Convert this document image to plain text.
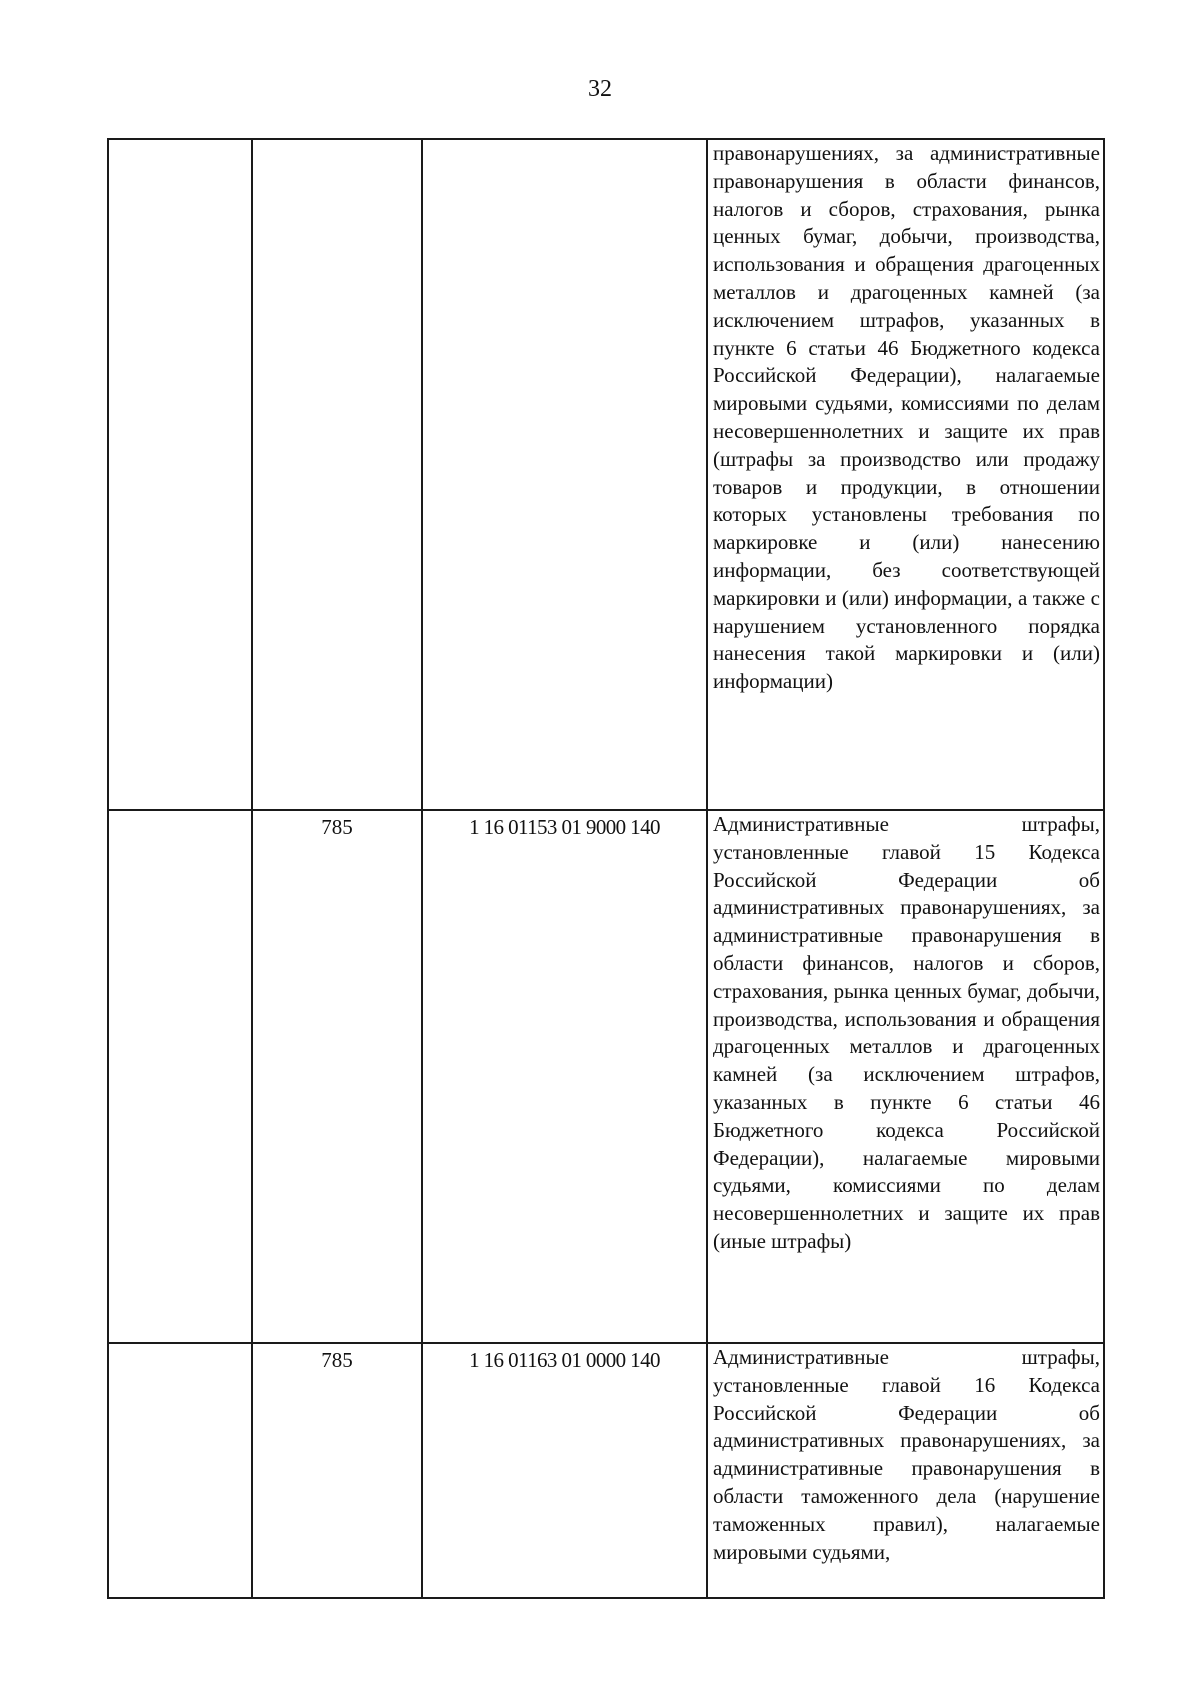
32
			правонарушениях, за административные правонарушения в области финансов, налогов и сборов, страхования, рынка ценных бумаг, добычи, производства, использования и обращения драгоценных металлов и драгоценных камней (за исключением штрафов, указанных в пункте 6 статьи 46 Бюджетного кодекса Российской Федерации), налагаемые мировыми судьями, комиссиями по делам несовершеннолетних и защите их прав (штрафы за производство или продажу товаров и продукции, в отношении которых установлены требования по маркировке и (или) нанесению информации, без соответствующей маркировки и (или) информации, а также с нарушением установленного порядка нанесения такой маркировки и (или) информации)
	785	1 16 01153 01 9000 140	Административные штрафы, установленные главой 15 Кодекса Российской Федерации об административных правонарушениях, за административные правонарушения в области финансов, налогов и сборов, страхования, рынка ценных бумаг, добычи, производства, использования и обращения драгоценных металлов и драгоценных камней (за исключением штрафов, указанных в пункте 6 статьи 46 Бюджетного кодекса Российской Федерации), налагаемые мировыми судьями, комиссиями по делам несовершеннолетних и защите их прав (иные штрафы)
	785	1 16 01163 01 0000 140	Административные штрафы, установленные главой 16 Кодекса Российской Федерации об административных правонарушениях, за административные правонарушения в области таможенного дела (нарушение таможенных правил), налагаемые мировыми судьями,
